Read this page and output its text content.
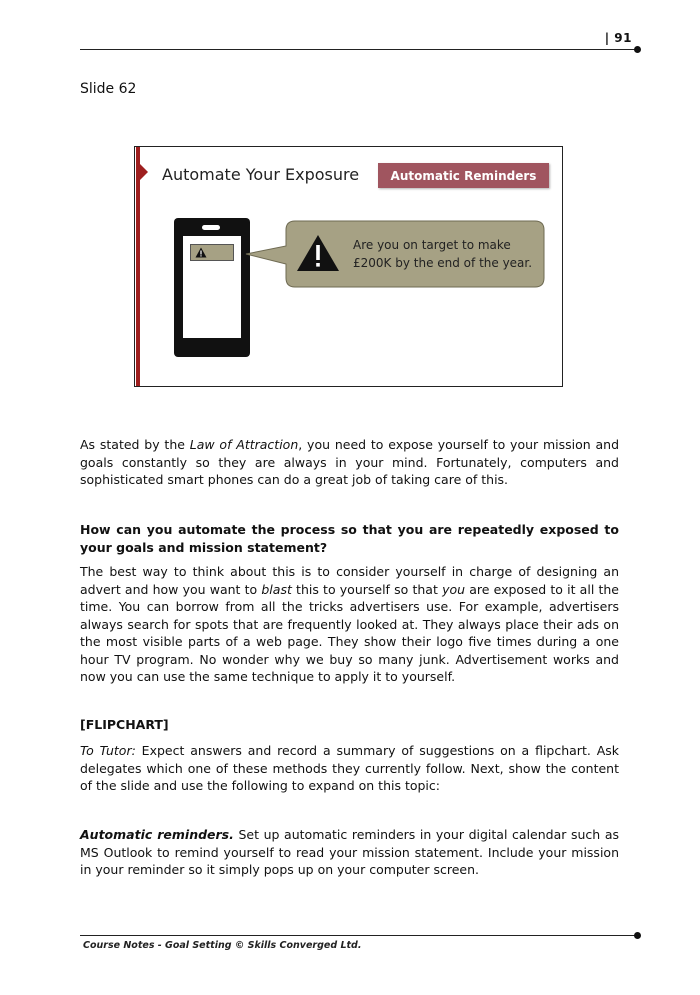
| 91
Slide 62
Automate Your Exposure	Automatic Reminders
Are you on target to make
£200K by the end of the year.
As stated by the Law of Attraction, you need to expose yourself to your mission and goals constantly so they are always in your mind. Fortunately, computers and sophisticated smart phones can do a great job of taking care of this.
How can you automate the process so that you are repeatedly exposed to your goals and mission statement?
The best way to think about this is to consider yourself in charge of designing an advert and how you want to blast this to yourself so that you are exposed to it all the time. You can borrow from all the tricks advertisers use. For example, advertisers always search for spots that are frequently looked at. They always place their ads on the most visible parts of a web page. They show their logo five times during a one hour TV program. No wonder why we buy so many junk. Advertisement works and now you can use the same technique to apply it to yourself.
[FLIPCHART]
To Tutor: Expect answers and record a summary of suggestions on a flipchart. Ask delegates which one of these methods they currently follow. Next, show the content of the slide and use the following to expand on this topic:
Automatic reminders. Set up automatic reminders in your digital calendar such as MS Outlook to remind yourself to read your mission statement. Include your mission in your reminder so it simply pops up on your computer screen.
Course Notes - Goal Setting © Skills Converged Ltd.
